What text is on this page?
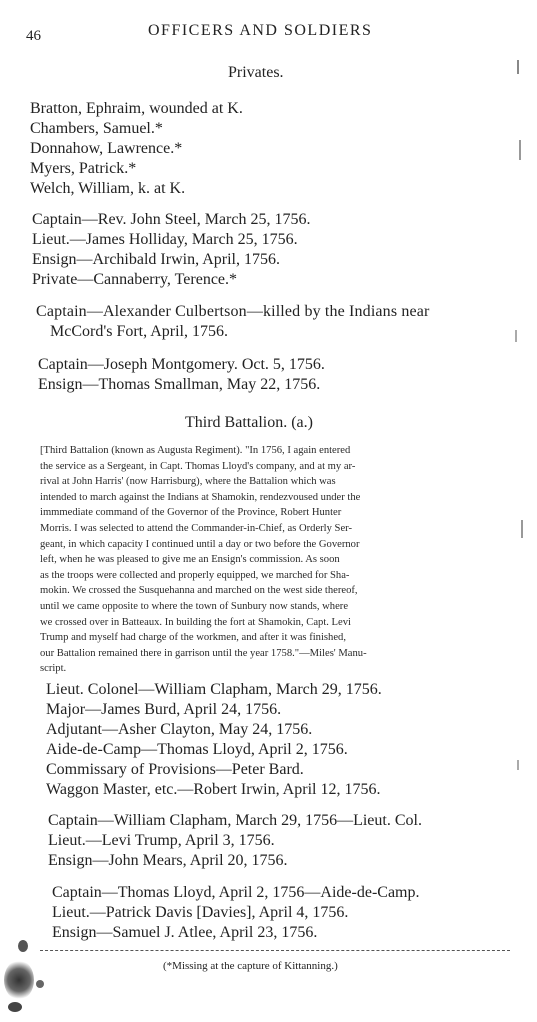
46	OFFICERS AND SOLDIERS
Privates.
Bratton, Ephraim, wounded at K.
Chambers, Samuel.*
Donnahow, Lawrence.*
Myers, Patrick.*
Welch, William, k. at K.
Captain—Rev. John Steel, March 25, 1756.
Lieut.—James Holliday, March 25, 1756.
Ensign—Archibald Irwin, April, 1756.
Private—Cannaberry, Terence.*
Captain—Alexander Culbertson—killed by the Indians near
McCord's Fort, April, 1756.
Captain—Joseph Montgomery. Oct. 5, 1756.
Ensign—Thomas Smallman, May 22, 1756.
Third Battalion. (a.)
[Third Battalion (known as Augusta Regiment). "In 1756, I again entered
the service as a Sergeant, in Capt. Thomas Lloyd's company, and at my ar-
rival at John Harris' (now Harrisburg), where the Battalion which was
intended to march against the Indians at Shamokin, rendezvoused under the
immmediate command of the Governor of the Province, Robert Hunter
Morris. I was selected to attend the Commander-in-Chief, as Orderly Ser-
geant, in which capacity I continued until a day or two before the Governor
left, when he was pleased to give me an Ensign's commission. As soon
as the troops were collected and properly equipped, we marched for Sha-
mokin. We crossed the Susquehanna and marched on the west side thereof,
until we came opposite to where the town of Sunbury now stands, where
we crossed over in Batteaux. In building the fort at Shamokin, Capt. Levi
Trump and myself had charge of the workmen, and after it was finished,
our Battalion remained there in garrison until the year 1758."—Miles' Manu-
script.
Lieut. Colonel—William Clapham, March 29, 1756.
Major—James Burd, April 24, 1756.
Adjutant—Asher Clayton, May 24, 1756.
Aide-de-Camp—Thomas Lloyd, April 2, 1756.
Commissary of Provisions—Peter Bard.
Waggon Master, etc.—Robert Irwin, April 12, 1756.
Captain—William Clapham, March 29, 1756—Lieut. Col.
Lieut.—Levi Trump, April 3, 1756.
Ensign—John Mears, April 20, 1756.
Captain—Thomas Lloyd, April 2, 1756—Aide-de-Camp.
Lieut.—Patrick Davis [Davies], April 4, 1756.
Ensign—Samuel J. Atlee, April 23, 1756.
(*Missing at the capture of Kittanning.)
